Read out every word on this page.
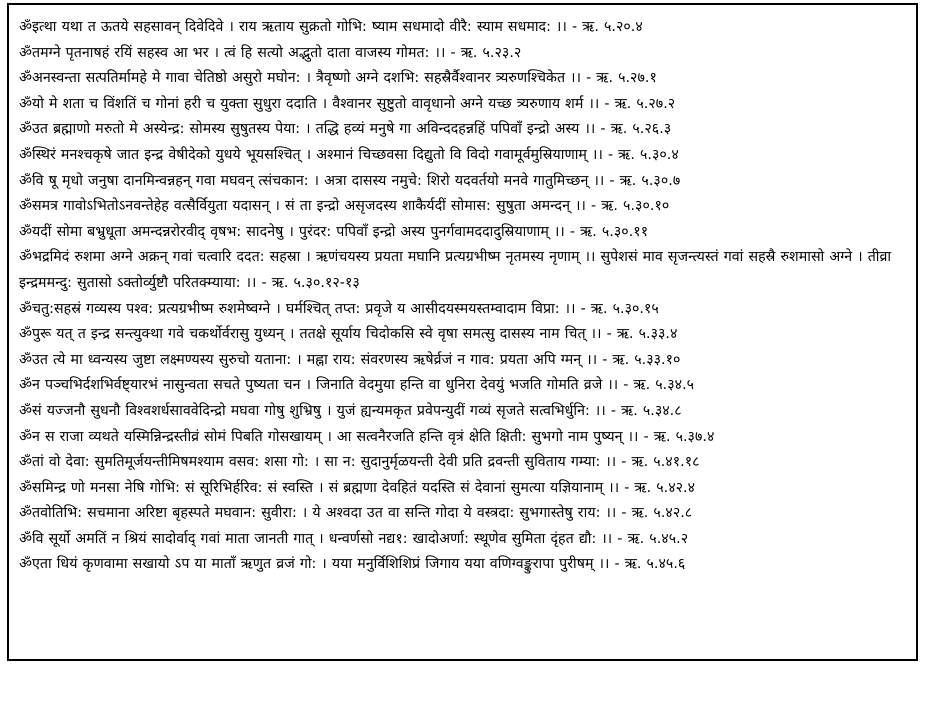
ॐइत्था यथा त ऊतये सहसावन् दिवेदिवे । राय ऋताय सुक्रतो गोभि: ष्याम सधमादो वीरै: स्याम सधमाद: ।। - ऋ. ५.२०.४
ॐतमग्ने पृतनाषहं रयिं सहस्व आ भर । त्वं हि सत्यो अद्भुतो दाता वाजस्य गोमत: ।। - ऋ. ५.२३.२
ॐअनस्वन्ता सत्पतिर्मामहे मे गावा चेतिष्ठो असुरो मघोन: । त्रैवृष्णो अग्ने दशभि: सहस्रैर्वैश्वानर त्र्यरुणश्चिकेत ।। - ऋ. ५.२७.१
ॐयो मे शता च विंशतिं च गोनां हरी च युक्ता सुधुरा ददाति । वैश्वानर सुष्टुतो वावृधानो अग्ने यच्छ त्र्यरुणाय शर्म ।। - ऋ. ५.२७.२
ॐउत ब्रह्माणो मरुतो मे अस्येन्द्र: सोमस्य सुषुतस्य पेया: । तद्धि हव्यं मनुषे गा अविन्ददहन्नहिं पपिवाँ इन्द्रो अस्य ।। - ऋ. ५.२६.३
ॐस्थिरं मनश्चकृषे जात इन्द्र वेषीदेको युधये भूयसश्चित् । अश्मानं चिच्छवसा दिद्युतो वि विदो गवामूर्वमुस्रियाणाम् ।। - ऋ. ५.३०.४
ॐवि षू मृधो जनुषा दानमिन्वन्नहन् गवा मघवन् त्संचकान: । अत्रा दासस्य नमुचे: शिरो यदवर्तयो मनवे गातुमिच्छन् ।। - ऋ. ५.३०.७
ॐसमत्र गावोऽभितोऽनवन्तेहेह वत्सैर्वियुता यदासन् । सं ता इन्द्रो असृजदस्य शाकैर्यदीं सोमास: सुषुता अमन्दन् ।। - ऋ. ५.३०.१०
ॐयदीं सोमा बभ्रुधूता अमन्दन्नरोरवीद् वृषभ: सादनेषु । पुरंदर: पपिवाँ इन्द्रो अस्य पुनर्गवामददादुस्रियाणाम् ।। - ऋ. ५.३०.११
ॐभद्रमिदं रुशमा अग्ने अक्रन् गवां चत्वारि ददत: सहस्रा । ऋणंचयस्य प्रयता मघानि प्रत्यग्रभीष्म नृतमस्य नृणाम् ।। सुपेशसं माव सृजन्त्यस्तं गवां सहस्रै रुशमासो अग्ने । तीव्रा इन्द्रममन्दु: सुतासो ऽक्तोर्व्युष्टौ परितक्म्याया: ।। - ऋ. ५.३०.१२-१३
ॐचतु:सहस्रं गव्यस्य पश्व: प्रत्यग्रभीष्म रुशमेष्वग्ने । घर्मश्चित् तप्त: प्रवृजे य आसीदयस्मयस्तम्वादाम विप्रा: ।। - ऋ. ५.३०.१५
ॐपुरू यत् त इन्द्र सन्त्युक्था गवे चकर्थोर्वरासु युध्यन् । ततक्षे सूर्याय चिदोकसि स्वे वृषा समत्सु दासस्य नाम चित् ।। - ऋ. ५.३३.४
ॐउत त्ये मा ध्वन्यस्य जुष्टा लक्ष्मण्यस्य सुरुचो यताना: । मह्ना राय: संवरणस्य ऋषेर्व्रजं न गाव: प्रयता अपि ग्मन् ।। - ऋ. ५.३३.१०
ॐन पञ्चभिर्दशभिर्वष्ट्यारभं नासुन्वता सचते पुष्यता चन । जिनाति वेदमुया हन्ति वा धुनिरा देवयुं भजति गोमति व्रजे ।। - ऋ. ५.३४.५
ॐसं यज्जनौ सुधनौ विश्वशर्धसाववेदिन्द्रो मघवा गोषु शुभ्रिषु । युजं ह्यन्यमकृत प्रवेपन्युदीं गव्यं सृजते सत्वभिर्धुनि: ।। - ऋ. ५.३४.८
ॐन स राजा व्यथते यस्मिन्निन्द्रस्तीव्रं सोमं पिबति गोसखायम् । आ सत्वनैरजति हन्ति वृत्रं क्षेति क्षिती: सुभगो नाम पुष्यन् ।। - ऋ. ५.३७.४
ॐतां वो देवा: सुमतिमूर्जयन्तीमिषमश्याम वसव: शसा गो: । सा न: सुदानुर्मृळयन्ती देवी प्रति द्रवन्ती सुविताय गम्या: ।। - ऋ. ५.४१.१८
ॐसमिन्द्र णो मनसा नेषि गोभि: सं सूरिभिर्हरिव: सं स्वस्ति । सं ब्रह्मणा देवहितं यदस्ति सं देवानां सुमत्या यज्ञियानाम् ।। - ऋ. ५.४२.४
ॐतवोतिभि: सचमाना अरिष्टा बृहस्पते मघवान: सुवीरा: । ये अश्वदा उत वा सन्ति गोदा ये वस्त्रदा: सुभगास्तेषु राय: ।। - ऋ. ५.४२.८
ॐवि सूर्यो अमतिं न श्रियं सादोर्वाद् गवां माता जानती गात् । धन्वर्णसो नद्य१: खादोअर्णा: स्थूणेव सुमिता दृंहत द्यौ: ।। - ऋ. ५.४५.२
ॐएता धियं कृणवामा सखायो ऽप या माताँ ऋणुत व्रजं गो: । यया मनुर्विशिशिप्रं जिगाय यया वणिग्वङ्कुरापा पुरीषम् ।। - ऋ. ५.४५.६
